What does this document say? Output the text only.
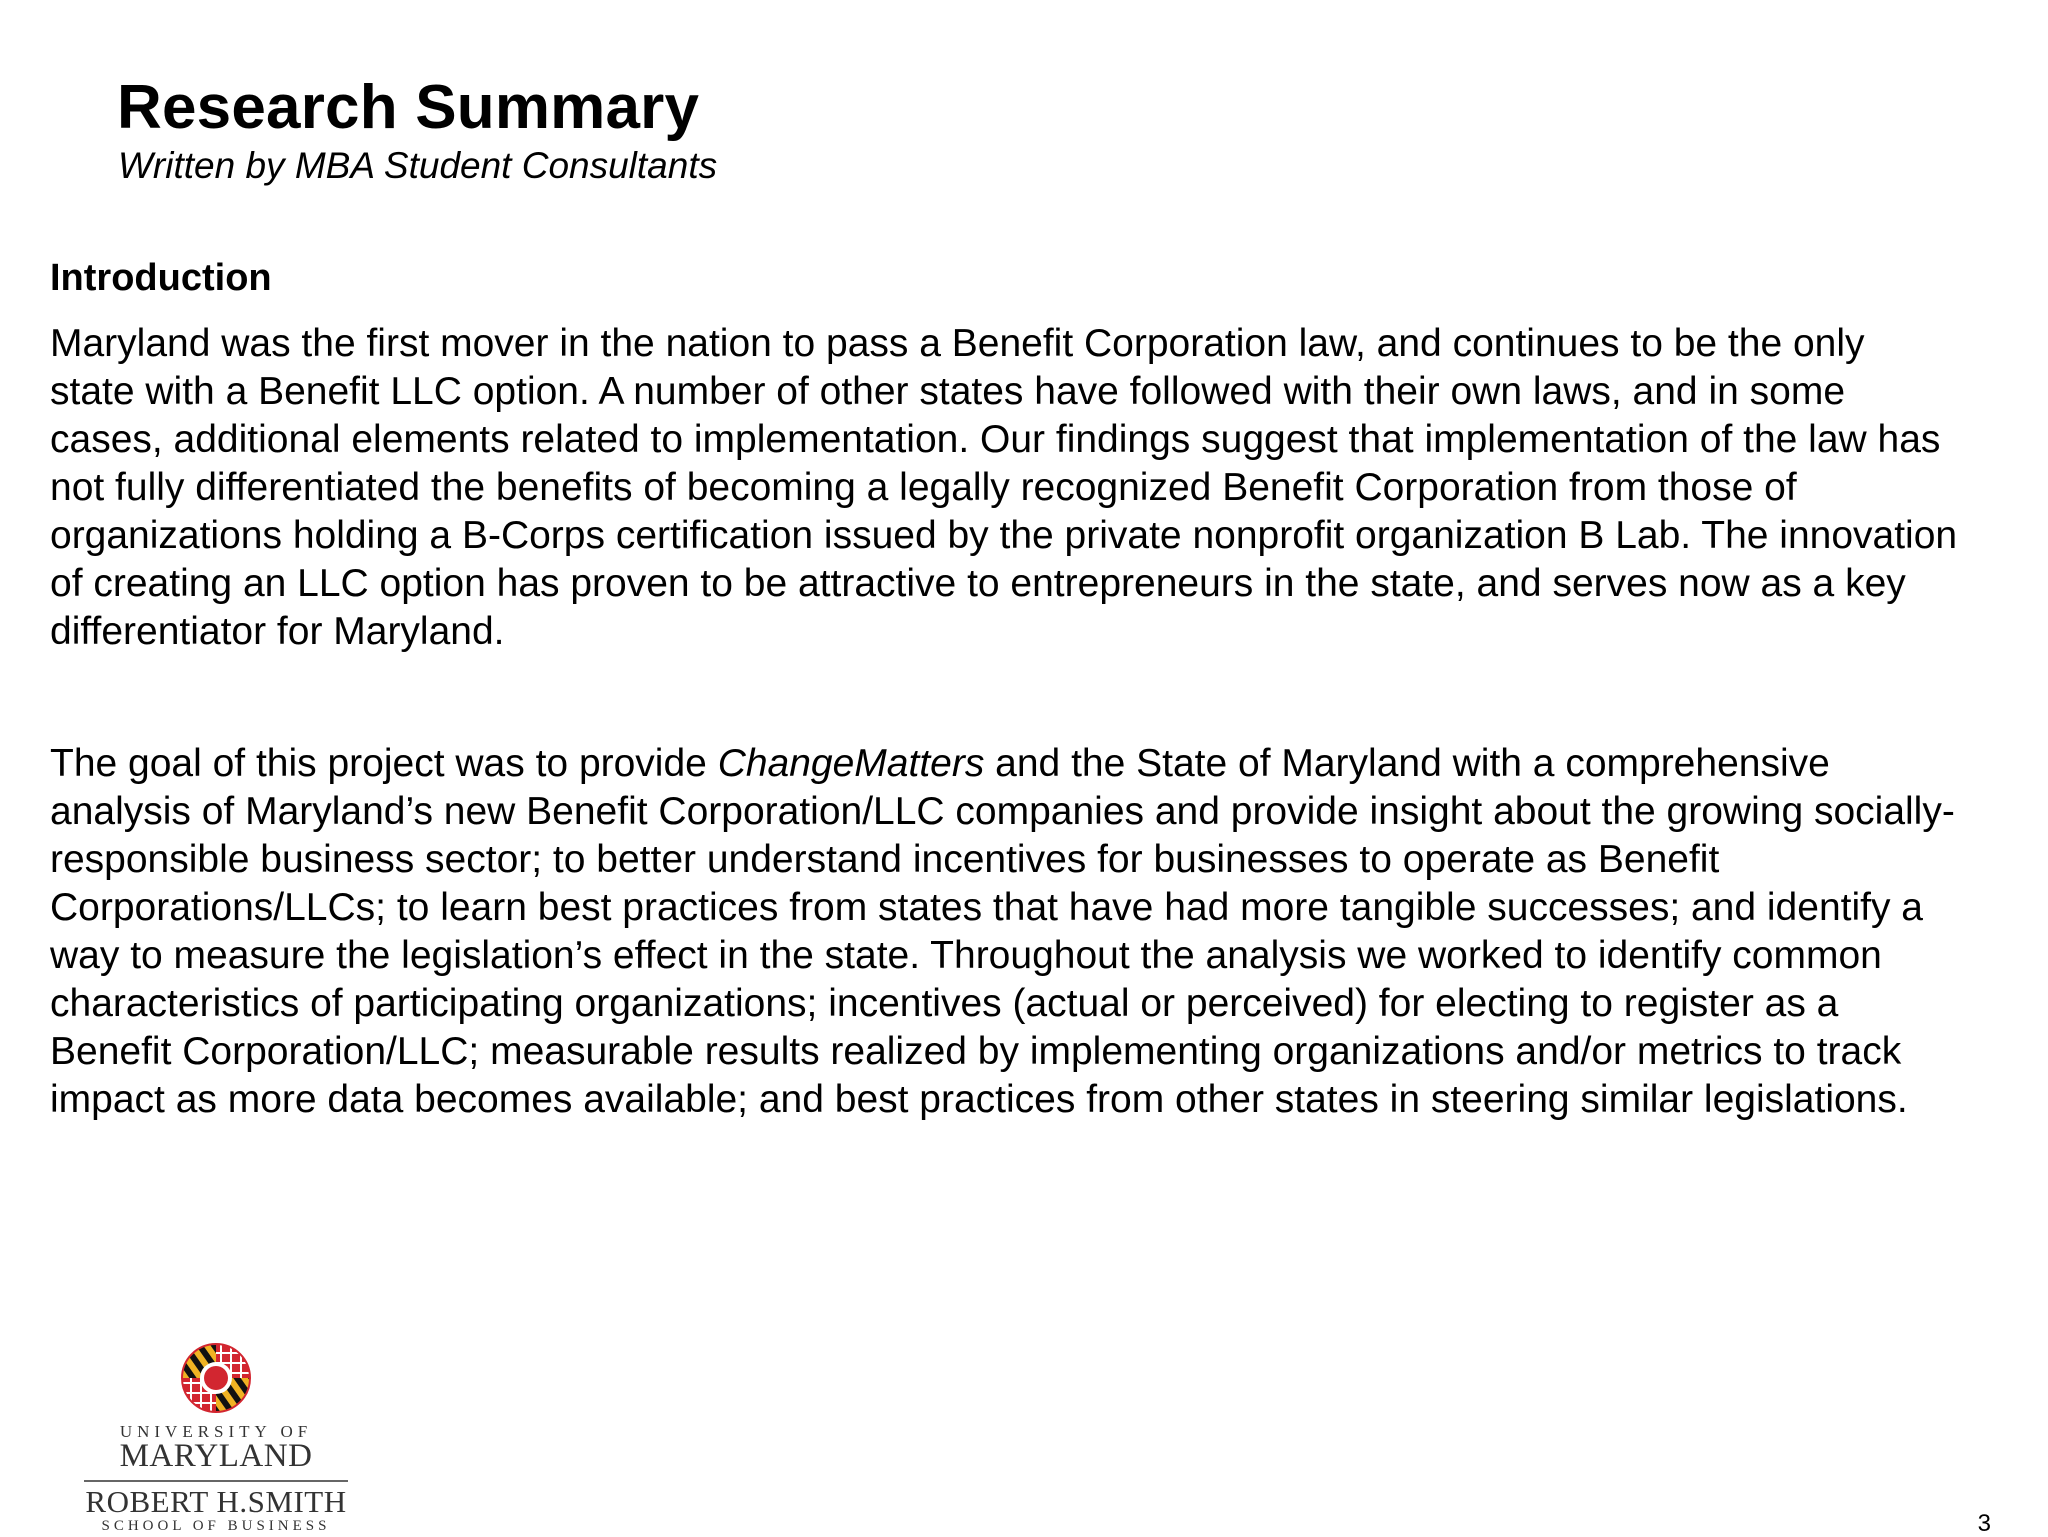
Research Summary

Written by MBA Student Consultants

Introduction

Maryland was the first mover in the nation to pass a Benefit Corporation law, and continues to be the only
state with a Benefit LLC option. A number of other states have followed with their own laws, and in some
cases, additional elements related to implementation. Our findings suggest that implementation of the law has
not fully differentiated the benefits of becoming a legally recognized Benefit Corporation from those of
organizations holding a B-Corps certification issued by the private nonprofit organization B Lab. The innovation
of creating an LLC option has proven to be attractive to entrepreneurs in the state, and serves now as a key
differentiator for Maryland.

The goal of this project was to provide ChangeMatters and the State of Maryland with a comprehensive
analysis of Maryland’s new Benefit Corporation/LLC companies and provide insight about the growing socially-
responsible business sector; to better understand incentives for businesses to operate as Benefit
Corporations/LLCs; to learn best practices from states that have had more tangible successes; and identify a
way to measure the legislation’s effect in the state. Throughout the analysis we worked to identify common
characteristics of participating organizations; incentives (actual or perceived) for electing to register as a
Benefit Corporation/LLC; measurable results realized by implementing organizations and/or metrics to track
impact as more data becomes available; and best practices from other states in steering similar legislations.

UNIVERSITY OF
MARYLAND
ROBERT H.SMITH
SCHOOL OF BUSINESS	3
